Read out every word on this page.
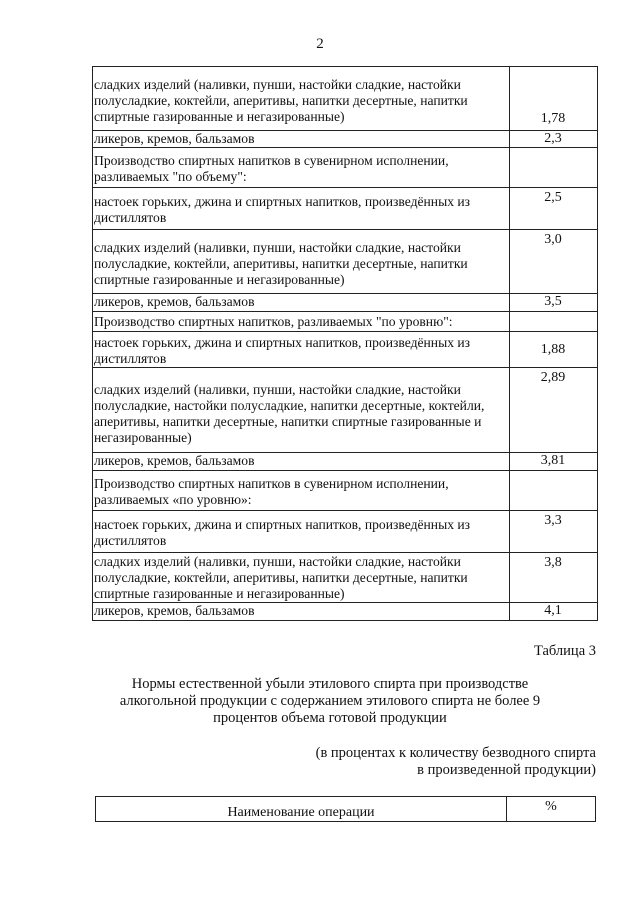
2
сладких изделий (наливки, пунши, настойки сладкие, настойки полусладкие, коктейли, аперитивы, напитки десертные, напитки спиртные газированные и негазированные)	1,78
ликеров, кремов, бальзамов	2,3
Производство спиртных напитков в сувенирном исполнении, разливаемых "по объему":	
настоек горьких, джина и спиртных напитков, произведённых из дистиллятов	2,5
сладких изделий (наливки, пунши, настойки сладкие, настойки полусладкие, коктейли, аперитивы, напитки десертные, напитки спиртные газированные и негазированные)	3,0
ликеров, кремов, бальзамов	3,5
Производство спиртных напитков, разливаемых "по уровню":	
настоек горьких, джина и спиртных напитков, произведённых из дистиллятов	1,88
сладких изделий (наливки, пунши, настойки сладкие, настойки полусладкие, настойки полусладкие, напитки десертные, коктейли, аперитивы, напитки десертные, напитки спиртные газированные и негазированные)	2,89
ликеров, кремов, бальзамов	3,81
Производство спиртных напитков в сувенирном исполнении, разливаемых «по уровню»:	
настоек горьких, джина и спиртных напитков, произведённых из дистиллятов	3,3
сладких изделий (наливки, пунши, настойки сладкие, настойки полусладкие, коктейли, аперитивы, напитки десертные, напитки спиртные газированные и негазированные)	3,8
ликеров, кремов, бальзамов	4,1
Таблица 3
Нормы естественной убыли этилового спирта при производстве алкогольной продукции с содержанием этилового спирта не более 9 процентов объема готовой продукции
(в процентах к количеству безводного спирта
в произведенной продукции)
Наименование операции	%
